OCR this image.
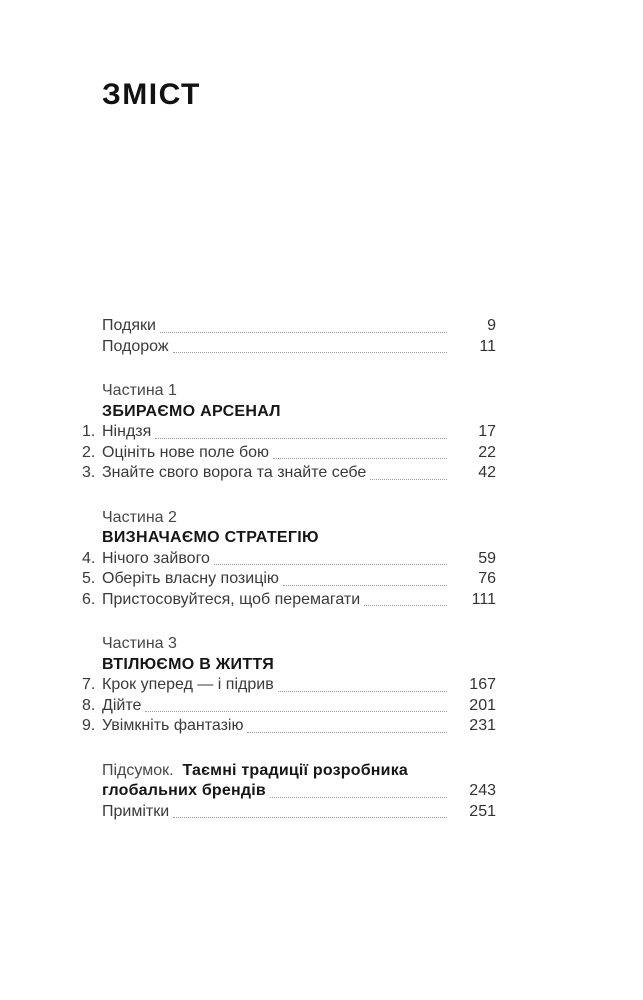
ЗМІСТ
Подяки	9
Подорож	11
Частина 1
ЗБИРАЄМО АРСЕНАЛ
1. Ніндзя	17
2. Оцініть нове поле бою	22
3. Знайте свого ворога та знайте себе	42
Частина 2
ВИЗНАЧАЄМО СТРАТЕГІЮ
4. Нічого зайвого	59
5. Оберіть власну позицію	76
6. Пристосовуйтеся, щоб перемагати	111
Частина 3
ВТІЛЮЄМО В ЖИТТЯ
7. Крок уперед — і підрив	167
8. Дійте	201
9. Увімкніть фантазію	231
Підсумок.  Таємні традиції розробника
глобальних брендів	243
Примітки	251
